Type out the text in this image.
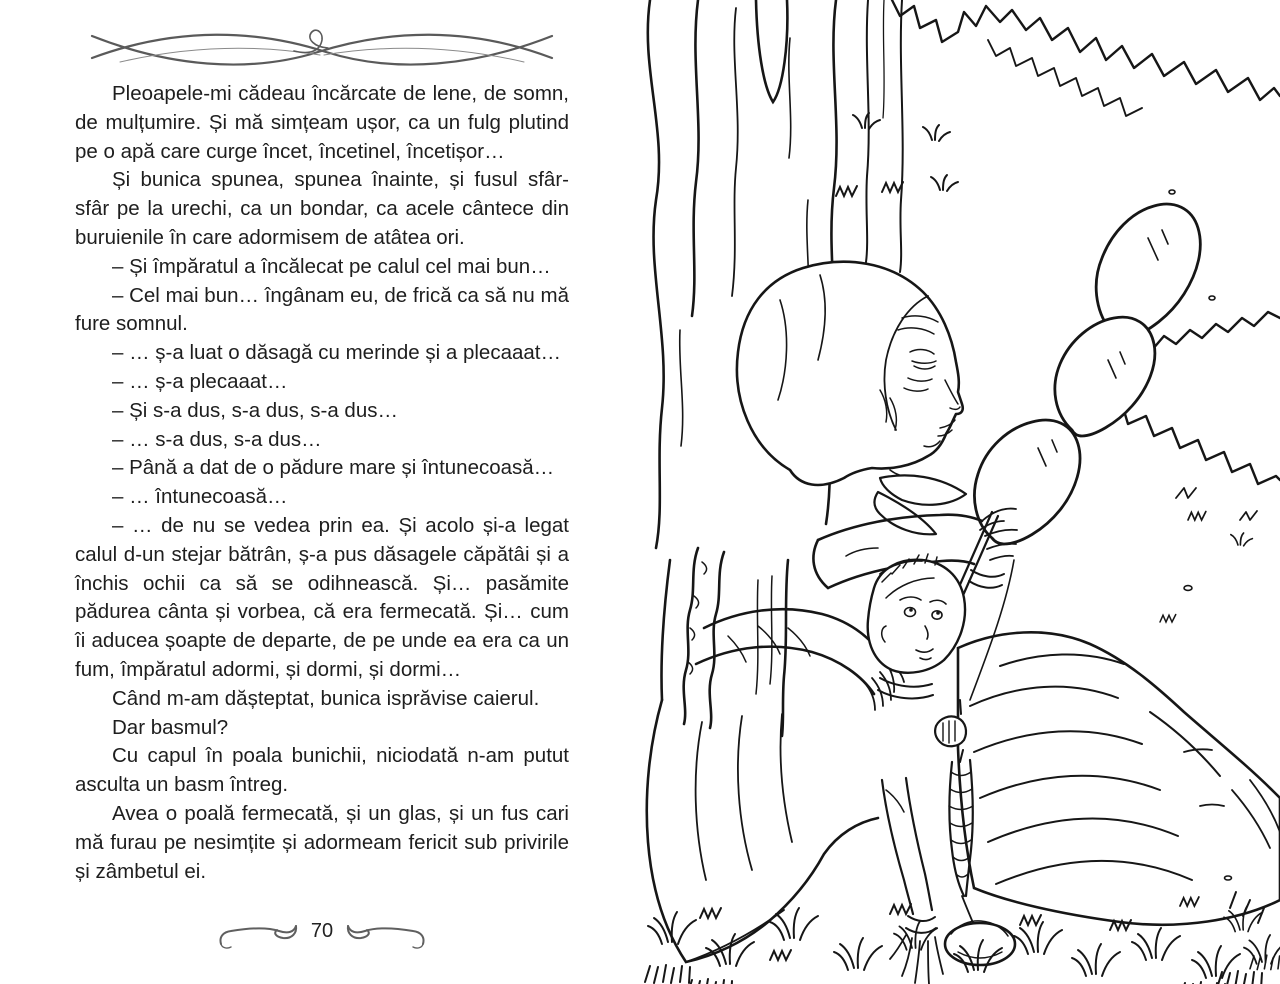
Pleoapele-mi cădeau încărcate de lene, de somn, de mulțumire. Și mă simțeam ușor, ca un fulg plutind pe o apă care curge încet, încetinel, încetișor…

Și bunica spunea, spunea înainte, și fusul sfâr-sfâr pe la urechi, ca un bondar, ca acele cântece din buruienile în care adormisem de atâtea ori.

– Și împăratul a încălecat pe calul cel mai bun…

– Cel mai bun… îngânam eu, de frică ca să nu mă fure somnul.

– … ș-a luat o dăsagă cu merinde și a plecaaat…

– … ș-a plecaaat…

– Și s-a dus, s-a dus, s-a dus…

– … s-a dus, s-a dus…

– Până a dat de o pădure mare și întunecoasă…

– … întunecoasă…

– … de nu se vedea prin ea. Și acolo și-a legat calul d-un stejar bătrân, ș-a pus dăsagele căpătâi și a închis ochii ca să se odihnească. Și… pasămite pădurea cânta și vorbea, că era fermecată. Și… cum îi aducea șoapte de departe, de pe unde ea era ca un fum, împăratul adormi, și dormi, și dormi…

Când m-am dășteptat, bunica isprăvise caierul.

Dar basmul?

Cu capul în poala bunichii, niciodată n-am putut asculta un basm întreg.

Avea o poală fermecată, și un glas, și un fus cari mă furau pe nesimțite și adormeam fericit sub privirile și zâmbetul ei.

70
